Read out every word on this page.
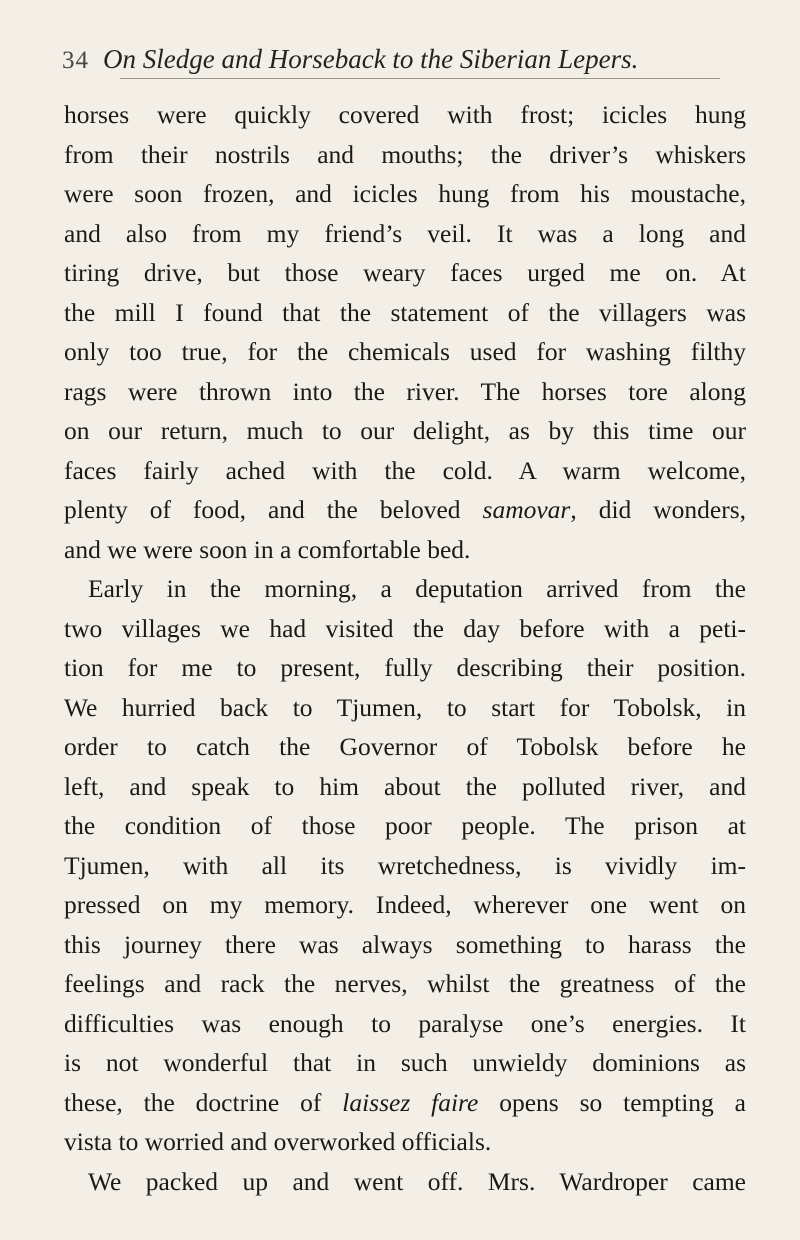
34 On Sledge and Horseback to the Siberian Lepers.
horses were quickly covered with frost; icicles hung
from their nostrils and mouths; the driver’s whiskers
were soon frozen, and icicles hung from his moustache,
and also from my friend’s veil. It was a long and
tiring drive, but those weary faces urged me on. At
the mill I found that the statement of the villagers was
only too true, for the chemicals used for washing filthy
rags were thrown into the river. The horses tore along
on our return, much to our delight, as by this time our
faces fairly ached with the cold. A warm welcome,
plenty of food, and the beloved samovar, did wonders,
and we were soon in a comfortable bed.
Early in the morning, a deputation arrived from the
two villages we had visited the day before with a peti-
tion for me to present, fully describing their position.
We hurried back to Tjumen, to start for Tobolsk, in
order to catch the Governor of Tobolsk before he
left, and speak to him about the polluted river, and
the condition of those poor people. The prison at
Tjumen, with all its wretchedness, is vividly im-
pressed on my memory. Indeed, wherever one went on
this journey there was always something to harass the
feelings and rack the nerves, whilst the greatness of the
difficulties was enough to paralyse one’s energies. It
is not wonderful that in such unwieldy dominions as
these, the doctrine of laissez faire opens so tempting a
vista to worried and overworked officials.
We packed up and went off. Mrs. Wardroper came
